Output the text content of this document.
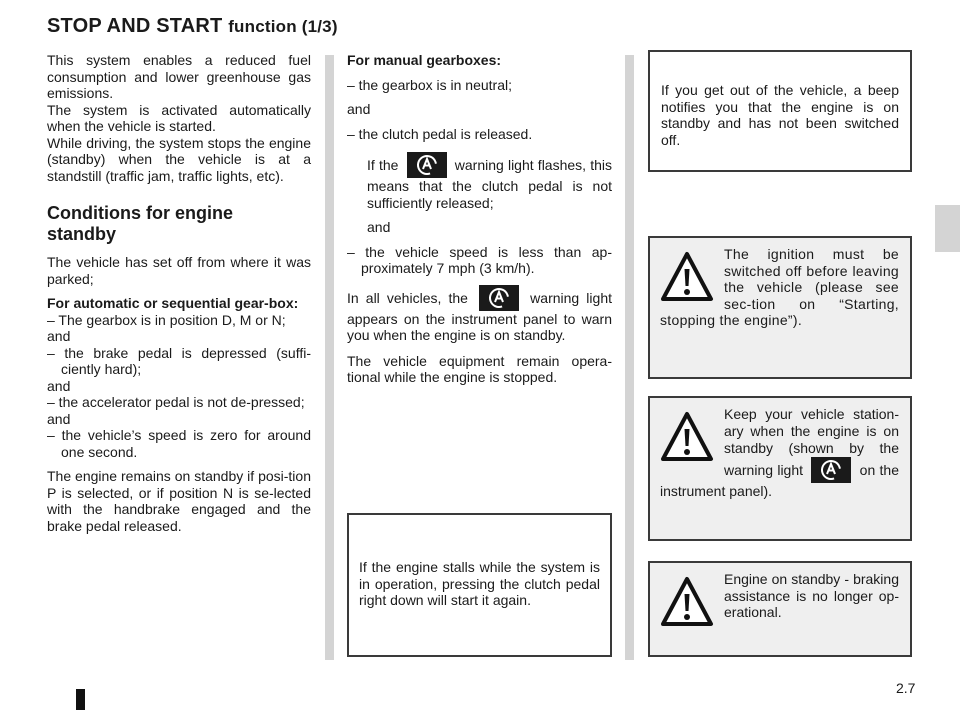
STOP AND START function (1/3)

This system enables a reduced fuel consumption and lower greenhouse gas emissions.

The system is activated automatically when the vehicle is started.

While driving, the system stops the engine (standby) when the vehicle is at a standstill (traffic jam, traffic lights, etc).

Conditions for engine standby

The vehicle has set off from where it was parked;

For automatic or sequential gear-box:

– The gearbox is in position D, M or N;

and

– the brake pedal is depressed (suffi-ciently hard);

and

– the accelerator pedal is not de-pressed;

and

– the vehicle’s speed is zero for around one second.

The engine remains on standby if posi-tion P is selected, or if position N is se-lected with the handbrake engaged and the brake pedal released.

For manual gearboxes:

– the gearbox is in neutral;

and

– the clutch pedal is released.

If the	warning light flashes, this means that the clutch pedal is not sufficiently released;

and

– the vehicle speed is less than ap-proximately 7 mph (3 km/h).

In all vehicles, the	warning light appears on the instrument panel to warn you when the engine is on standby.

The vehicle equipment remain opera-tional while the engine is stopped.

If the engine stalls while the system is in operation, pressing the clutch pedal right down will start it again.

If you get out of the vehicle, a beep notifies you that the engine is on standby and has not been switched off.

The ignition must be switched off before leaving the vehicle (please see sec-tion on “Starting, stopping the engine”).

Keep your vehicle station-ary when the engine is on standby (shown by the warning light	on the instrument panel).

Engine on standby - braking assistance is no longer op-erational.

2.7
